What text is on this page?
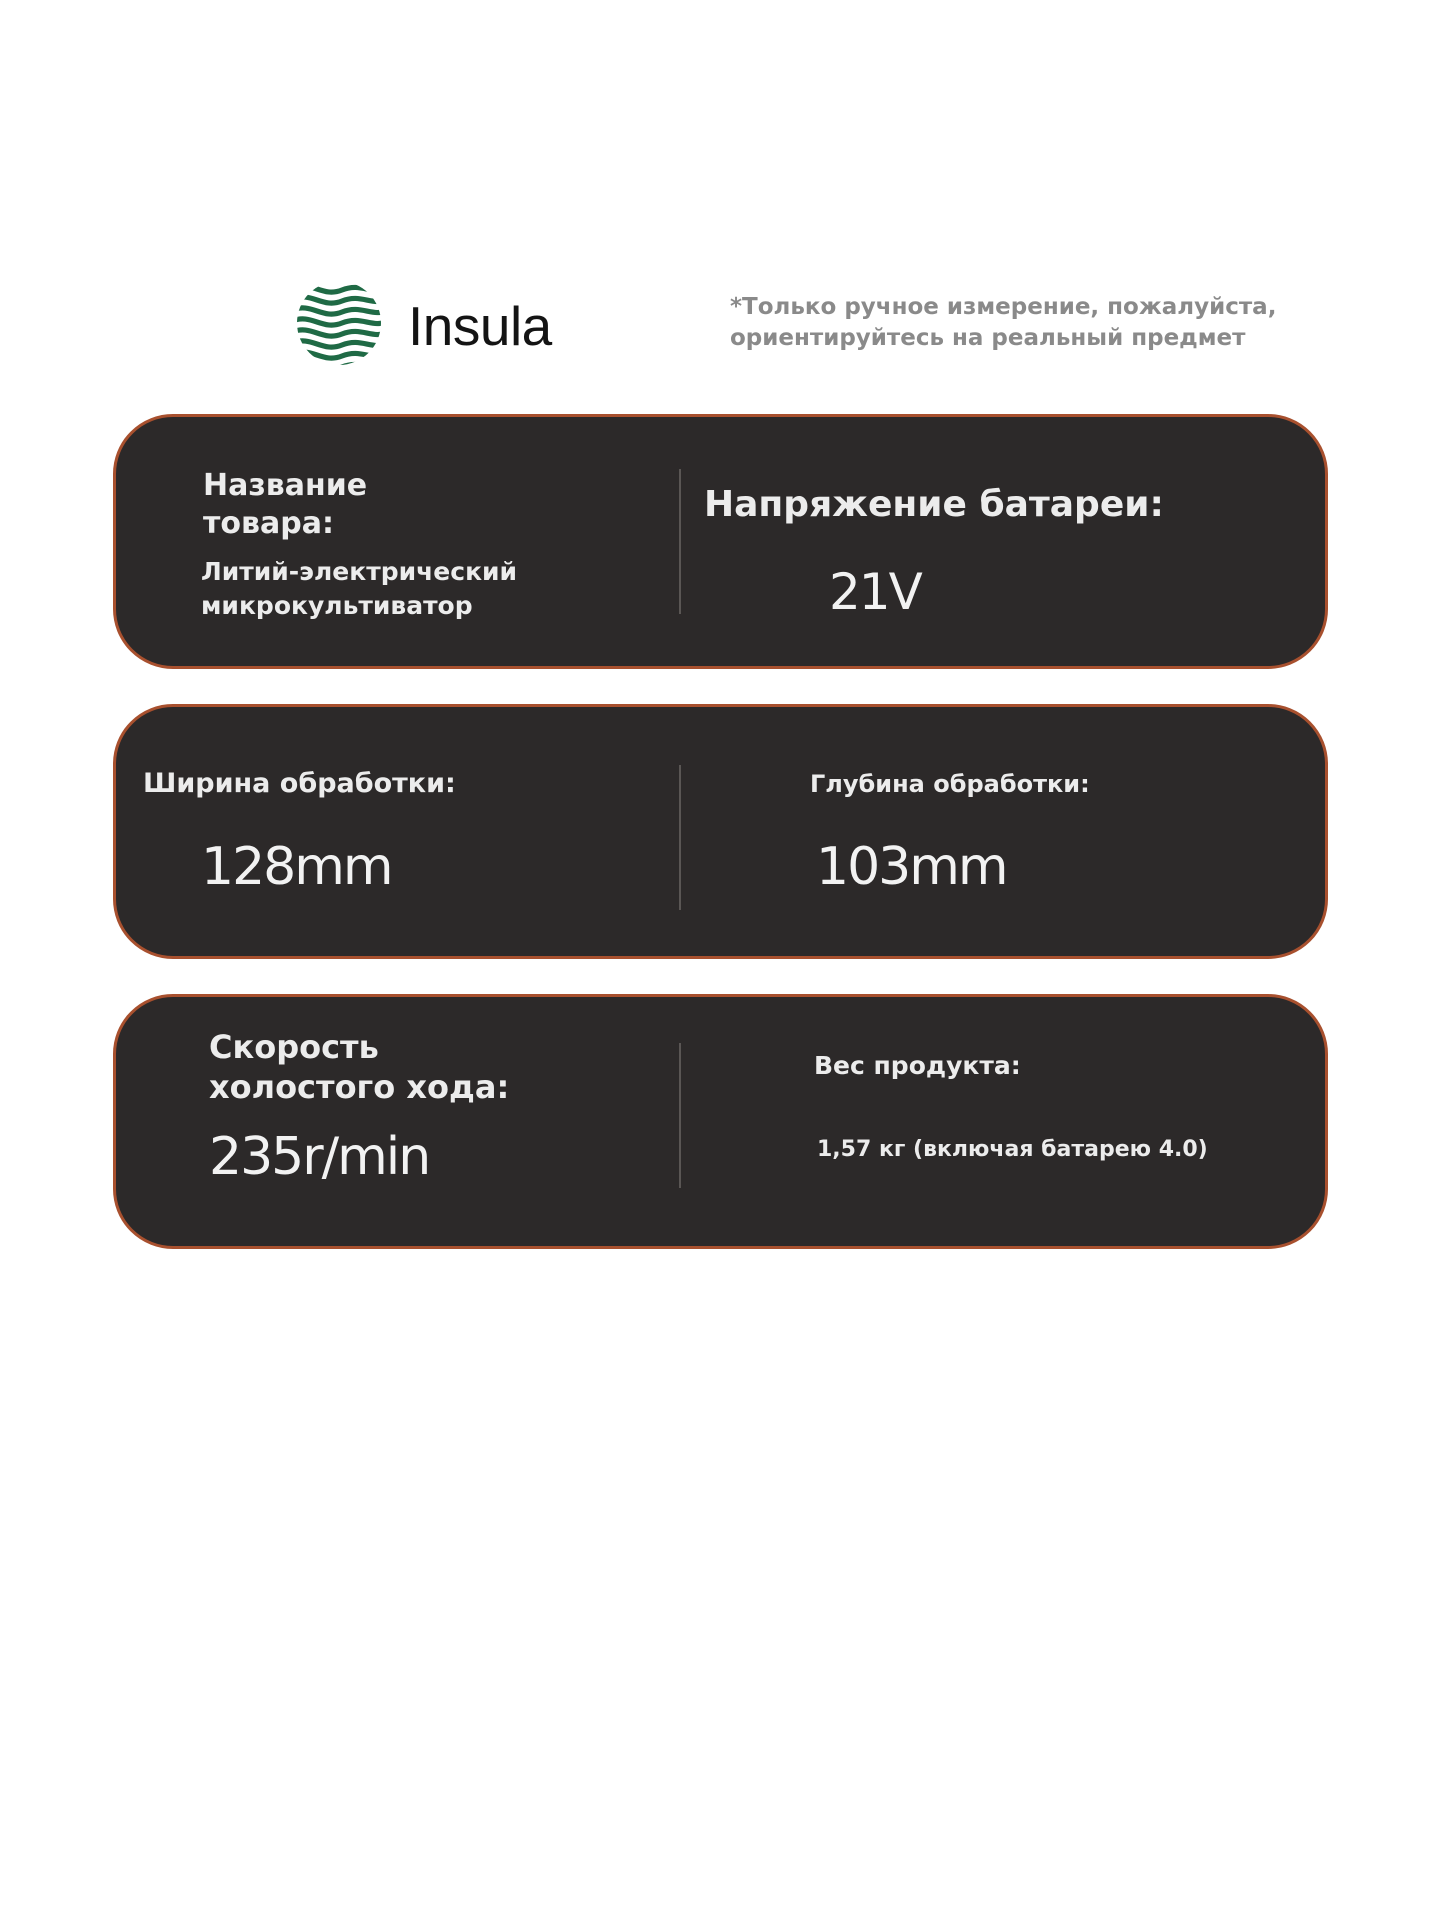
Insula	*Только ручное измерение, пожалуйста,
ориентируйтесь на реальный предмет
Название
товара:
Литий-электрический
микрокультиватор
Напряжение батареи:
21V
Ширина обработки:
128mm
Глубина обработки:
103mm
Скорость
холостого хода:
235r/min
Вес продукта:
1,57 кг (включая батарею 4.0)
